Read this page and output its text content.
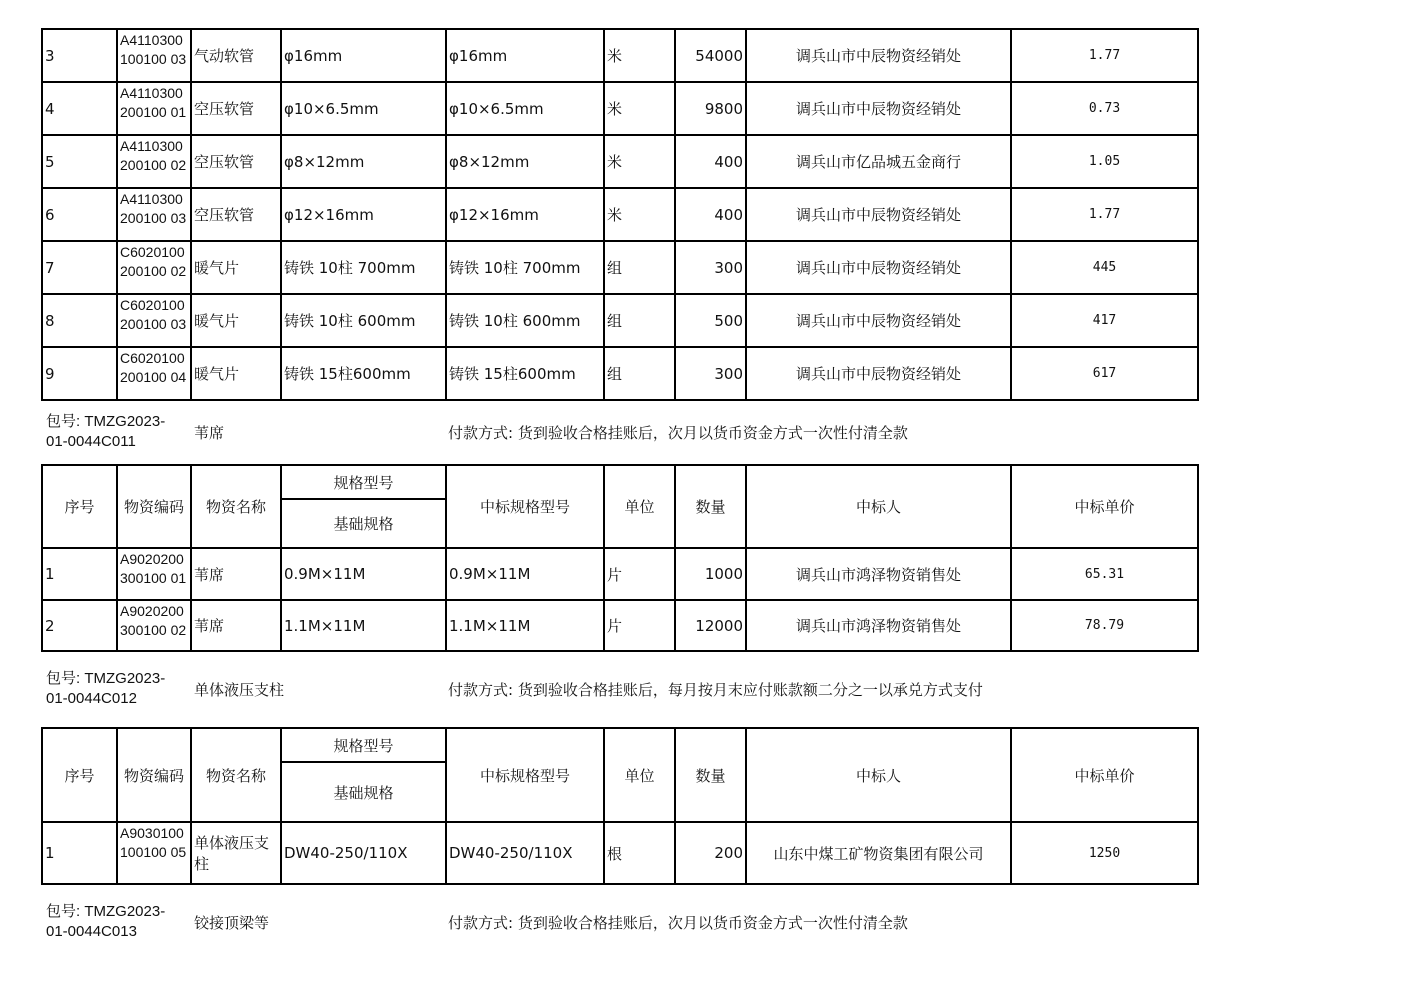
3	A4110300100100 03	气动软管	φ16mm	φ16mm	米	54000	调兵山市中辰物资经销处	1.77
4	A4110300200100 01	空压软管	φ10×6.5mm	φ10×6.5mm	米	9800	调兵山市中辰物资经销处	0.73
5	A4110300200100 02	空压软管	φ8×12mm	φ8×12mm	米	400	调兵山市亿品城五金商行	1.05
6	A4110300200100 03	空压软管	φ12×16mm	φ12×16mm	米	400	调兵山市中辰物资经销处	1.77
7	C6020100200100 02	暖气片	铸铁 10柱 700mm	铸铁 10柱 700mm	组	300	调兵山市中辰物资经销处	445
8	C6020100200100 03	暖气片	铸铁 10柱 600mm	铸铁 10柱 600mm	组	500	调兵山市中辰物资经销处	417
9	C6020100200100 04	暖气片	铸铁 15柱600mm	铸铁 15柱600mm	组	300	调兵山市中辰物资经销处	617
包号: TMZG2023-01-0044C011	苇席	付款方式: 货到验收合格挂账后，次月以货币资金方式一次性付清全款
序号	物资编码	物资名称	规格型号	中标规格型号	单位	数量	中标人	中标单价
			基础规格					
1	A9020200300100 01	苇席	0.9M×11M	0.9M×11M	片	1000	调兵山市鸿泽物资销售处	65.31
2	A9020200300100 02	苇席	1.1M×11M	1.1M×11M	片	12000	调兵山市鸿泽物资销售处	78.79
包号: TMZG2023-01-0044C012	单体液压支柱	付款方式: 货到验收合格挂账后，每月按月末应付账款额二分之一以承兑方式支付
序号	物资编码	物资名称	规格型号	中标规格型号	单位	数量	中标人	中标单价
			基础规格					
1	A9030100100100 05	单体液压支柱	DW40-250/110X	DW40-250/110X	根	200	山东中煤工矿物资集团有限公司	1250
包号: TMZG2023-01-0044C013	铰接顶梁等	付款方式: 货到验收合格挂账后，次月以货币资金方式一次性付清全款
